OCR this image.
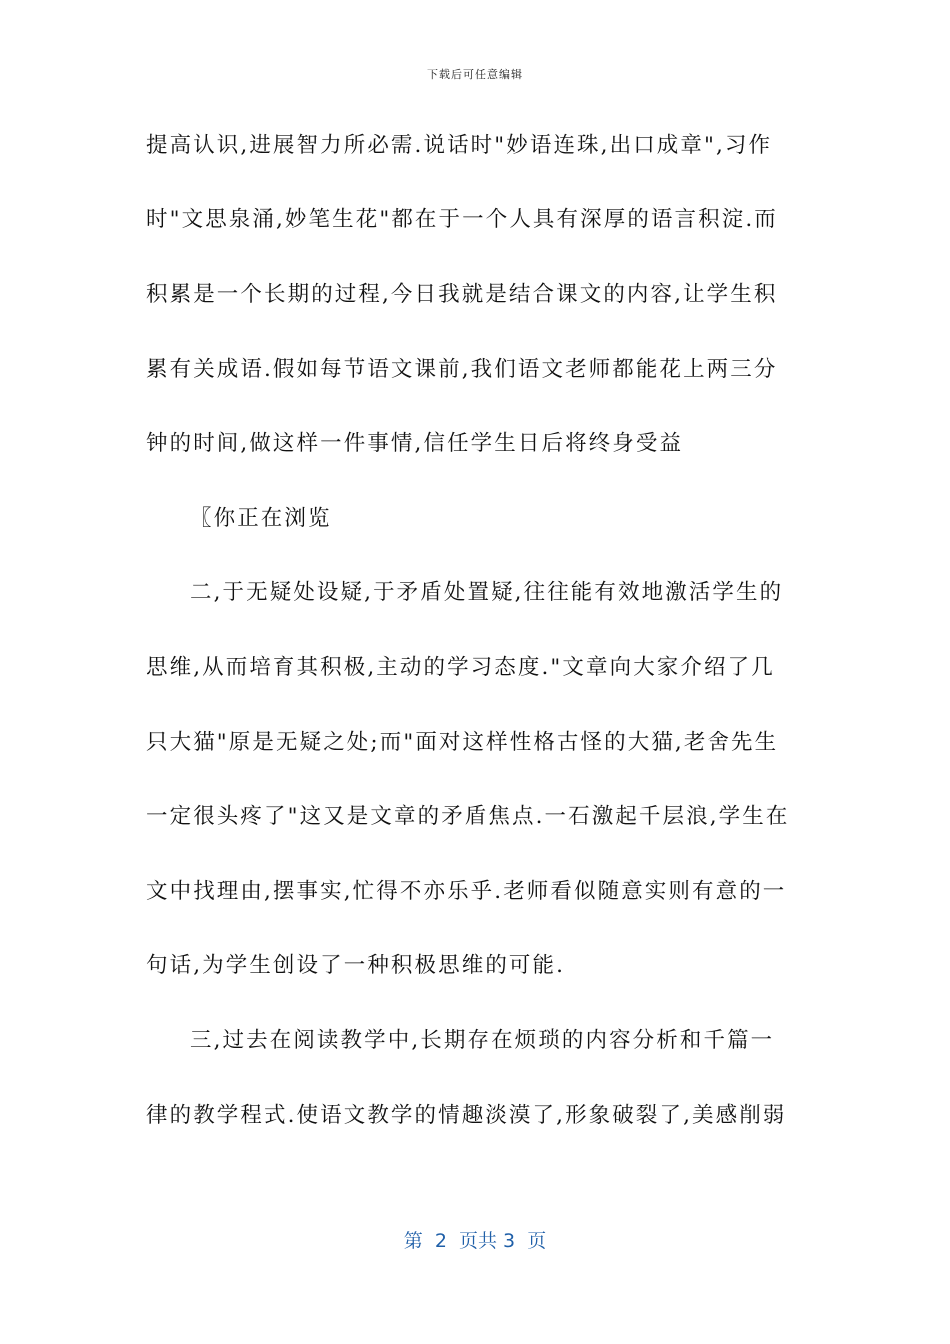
下载后可任意编辑
提高认识,进展智力所必需.说话时"妙语连珠,出口成章",习作
时"文思泉涌,妙笔生花"都在于一个人具有深厚的语言积淀.而
积累是一个长期的过程,今日我就是结合课文的内容,让学生积
累有关成语.假如每节语文课前,我们语文老师都能花上两三分
钟的时间,做这样一件事情,信任学生日后将终身受益
〖你正在浏览
二,于无疑处设疑,于矛盾处置疑,往往能有效地激活学生的
思维,从而培育其积极,主动的学习态度."文章向大家介绍了几
只大猫"原是无疑之处;而"面对这样性格古怪的大猫,老舍先生
一定很头疼了"这又是文章的矛盾焦点.一石激起千层浪,学生在
文中找理由,摆事实,忙得不亦乐乎.老师看似随意实则有意的一
句话,为学生创设了一种积极思维的可能.
三,过去在阅读教学中,长期存在烦琐的内容分析和千篇一
律的教学程式.使语文教学的情趣淡漠了,形象破裂了,美感削弱
第  2  页共 3  页
